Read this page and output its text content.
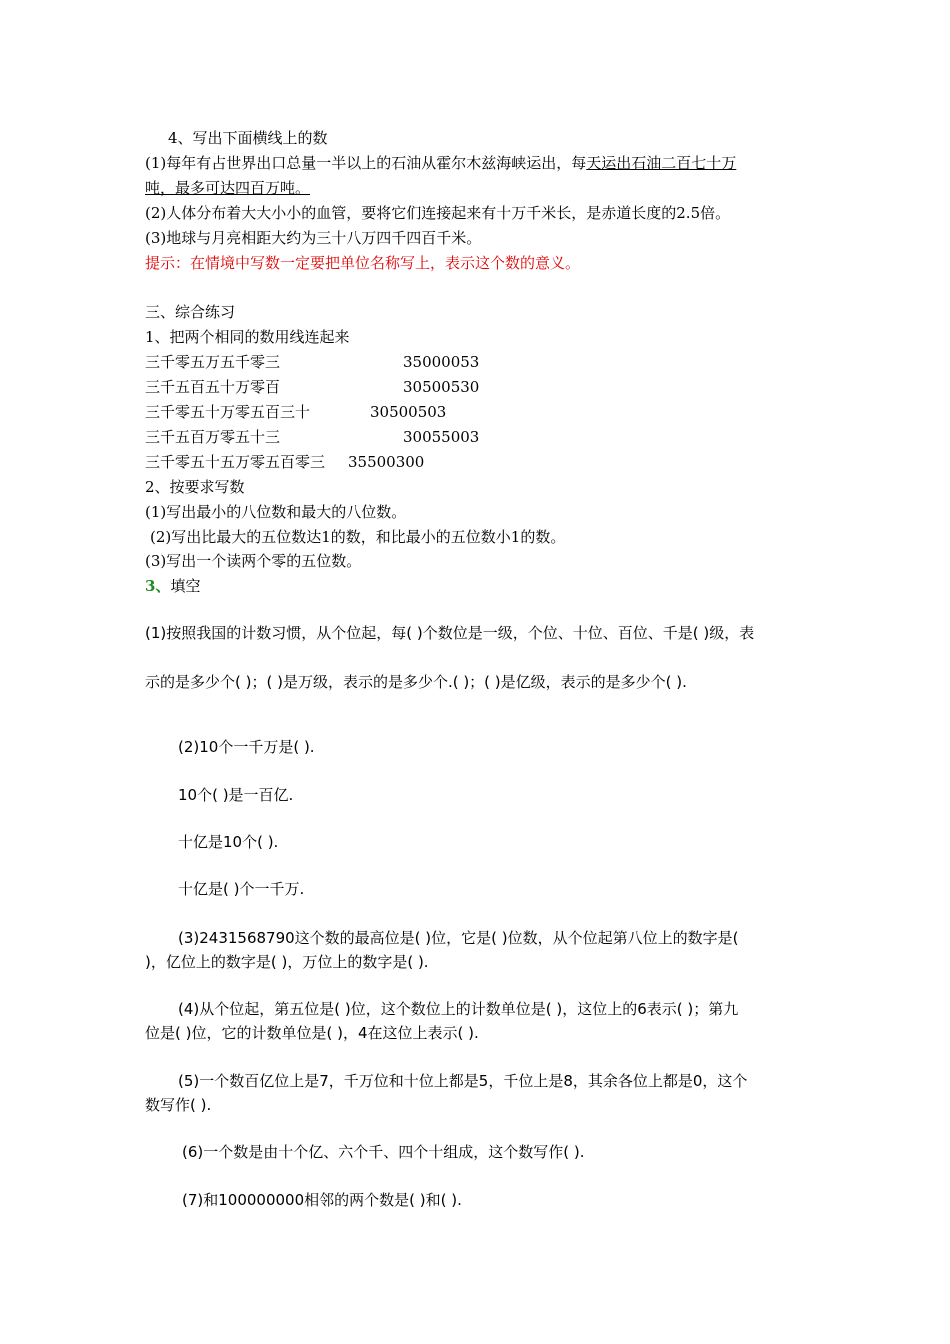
4、写出下面横线上的数
(1)每年有占世界出口总量一半以上的石油从霍尔木兹海峡运出，每天运出石油二百七十万
吨，最多可达四百万吨。
(2)人体分布着大大小小的血管，要将它们连接起来有十万千米长，是赤道长度的2.5倍。
(3)地球与月亮相距大约为三十八万四千四百千米。
提示：在情境中写数一定要把单位名称写上，表示这个数的意义。
三、综合练习
1、把两个相同的数用线连起来
三千零五万五千零三	35000053
三千五百五十万零百	30500530
三千零五十万零五百三十	30500503
三千五百万零五十三	30055003
三千零五十五万零五百零三 35500300
2、按要求写数
(1)写出最小的八位数和最大的八位数。
(2)写出比最大的五位数达1的数，和比最小的五位数小1的数。
(3)写出一个读两个零的五位数。
3、填空
(1)按照我国的计数习惯，从个位起，每( )个数位是一级，个位、十位、百位、千是( )级，表
示的是多少个( )；( )是万级，表示的是多少个.( )；( )是亿级，表示的是多少个( ).
(2)10个一千万是( ).
10个( )是一百亿.
十亿是10个( ).
十亿是( )个一千万.
(3)2431568790这个数的最高位是( )位，它是( )位数，从个位起第八位上的数字是(
)，亿位上的数字是( )，万位上的数字是( ).
(4)从个位起，第五位是( )位，这个数位上的计数单位是( )，这位上的6表示( )；第九
位是( )位，它的计数单位是( )，4在这位上表示( ).
(5)一个数百亿位上是7，千万位和十位上都是5，千位上是8，其余各位上都是0，这个
数写作( ).
(6)一个数是由十个亿、六个千、四个十组成，这个数写作( ).
(7)和100000000相邻的两个数是( )和( ).
